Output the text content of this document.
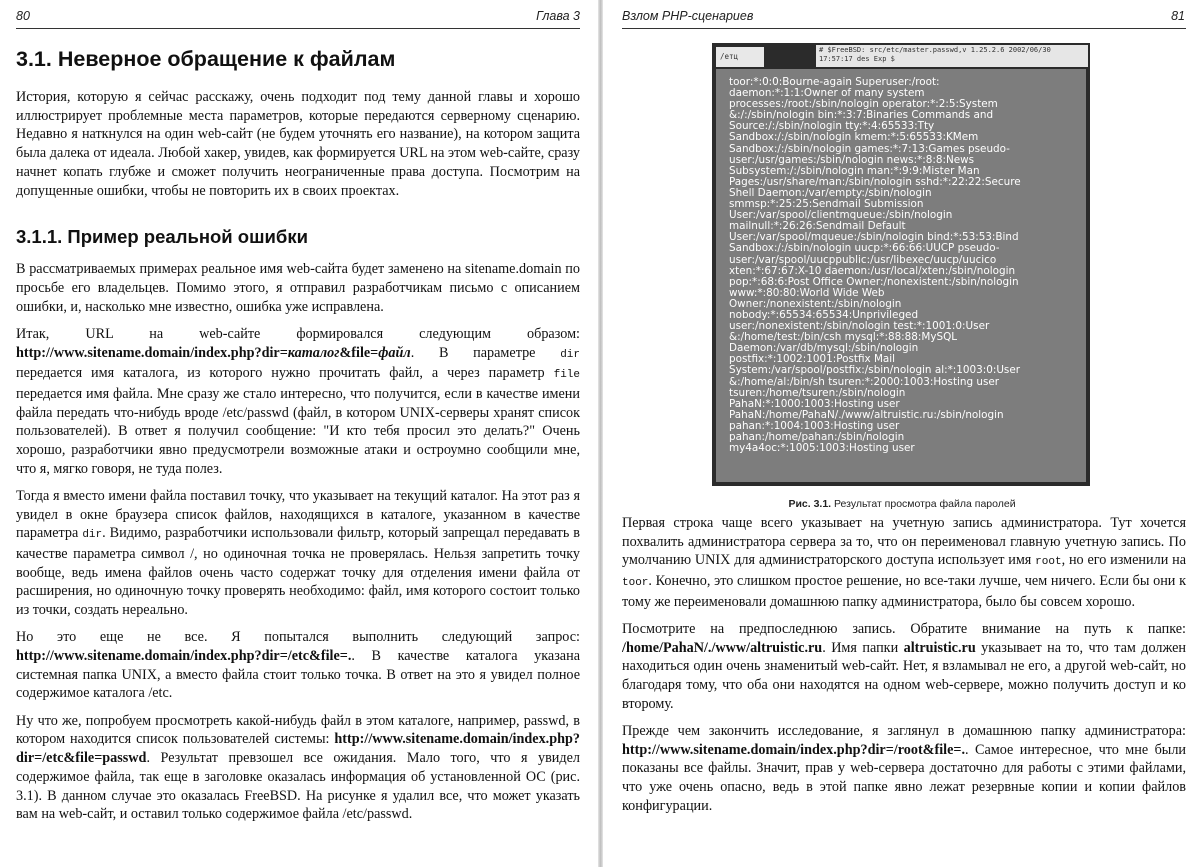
80	Глава 3
3.1. Неверное обращение к файлам

История, которую я сейчас расскажу, очень подходит под тему данной главы и хорошо иллюстрирует проблемные места параметров, которые передаются серверному сценарию. Недавно я наткнулся на один web-сайт (не будем уточнять его название), на котором защита была далека от идеала. Любой хакер, увидев, как формируется URL на этом web-сайте, сразу начнет копать глубже и сможет получить неограниченные права доступа. Посмотрим на допущенные ошибки, чтобы не повторить их в своих проектах.

3.1.1. Пример реальной ошибки

В рассматриваемых примерах реальное имя web-сайта будет заменено на sitename.domain по просьбе его владельцев. Помимо этого, я отправил разработчикам письмо с описанием ошибки, и, насколько мне известно, ошибка уже исправлена.

Итак, URL на web-сайте формировался следующим образом: http://www.sitename.domain/index.php?dir=каталог&file=файл. В параметре dir передается имя каталога, из которого нужно прочитать файл, а через параметр file передается имя файла. Мне сразу же стало интересно, что получится, если в качестве имени файла передать что-нибудь вроде /etc/passwd (файл, в котором UNIX-серверы хранят список пользователей). В ответ я получил сообщение: "И кто тебя просил это делать?" Очень хорошо, разработчики явно предусмотрели возможные атаки и остроумно сообщили мне, что я, мягко говоря, не туда полез.

Тогда я вместо имени файла поставил точку, что указывает на текущий каталог. На этот раз я увидел в окне браузера список файлов, находящихся в каталоге, указанном в качестве параметра dir. Видимо, разработчики использовали фильтр, который запрещал передавать в качестве параметра символ /, но одиночная точка не проверялась. Нельзя запретить точку вообще, ведь имена файлов очень часто содержат точку для отделения имени файла от расширения, но одиночную точку проверять необходимо: файл, имя которого состоит только из точки, создать нереально.

Но это еще не все. Я попытался выполнить следующий запрос: http://www.sitename.domain/index.php?dir=/etc&file=.. В качестве каталога указана системная папка UNIX, а вместо файла стоит только точка. В ответ на это я увидел полное содержимое каталога /etc.

Ну что же, попробуем просмотреть какой-нибудь файл в этом каталоге, например, passwd, в котором находится список пользователей системы: http://www.sitename.domain/index.php?dir=/etc&file=passwd. Результат превзошел все ожидания. Мало того, что я увидел содержимое файла, так еще в заголовке оказалась информация об установленной ОС (рис. 3.1). В данном случае это оказалась FreeBSD. На рисунке я удалил все, что может указать вам на web-сайт, и оставил только содержимое файла /etc/passwd.

Взлом PHP-сценариев	81
/етц
# $FreeBSD: src/etc/master.passwd,v 1.25.2.6 2002/06/30
17:57:17 des Exp $
toor:*:0:0:Bourne-again Superuser:/root:
daemon:*:1:1:Owner of many system
processes:/root:/sbin/nologin operator:*:2:5:System
&:/:/sbin/nologin bin:*:3:7:Binaries Commands and
Source:/:/sbin/nologin tty:*:4:65533:Tty
Sandbox:/:/sbin/nologin kmem:*:5:65533:KMem
Sandbox:/:/sbin/nologin games:*:7:13:Games pseudo-
user:/usr/games:/sbin/nologin news:*:8:8:News
Subsystem:/:/sbin/nologin man:*:9:9:Mister Man
Pages:/usr/share/man:/sbin/nologin sshd:*:22:22:Secure
Shell Daemon:/var/empty:/sbin/nologin
smmsp:*:25:25:Sendmail Submission
User:/var/spool/clientmqueue:/sbin/nologin
mailnull:*:26:26:Sendmail Default
User:/var/spool/mqueue:/sbin/nologin bind:*:53:53:Bind
Sandbox:/:/sbin/nologin uucp:*:66:66:UUCP pseudo-
user:/var/spool/uucppublic:/usr/libexec/uucp/uucico
xten:*:67:67:X-10 daemon:/usr/local/xten:/sbin/nologin
pop:*:68:6:Post Office Owner:/nonexistent:/sbin/nologin
www:*:80:80:World Wide Web
Owner:/nonexistent:/sbin/nologin
nobody:*:65534:65534:Unprivileged
user:/nonexistent:/sbin/nologin test:*:1001:0:User
&:/home/test:/bin/csh mysql:*:88:88:MySQL
Daemon:/var/db/mysql:/sbin/nologin
postfix:*:1002:1001:Postfix Mail
System:/var/spool/postfix:/sbin/nologin al:*:1003:0:User
&:/home/al:/bin/sh tsuren:*:2000:1003:Hosting user
tsuren:/home/tsuren:/sbin/nologin
PahaN:*:1000:1003:Hosting user
PahaN:/home/PahaN/./www/altruistic.ru:/sbin/nologin
pahan:*:1004:1003:Hosting user
pahan:/home/pahan:/sbin/nologin
my4a4oc:*:1005:1003:Hosting user

Рис. 3.1. Результат просмотра файла паролей

Первая строка чаще всего указывает на учетную запись администратора. Тут хочется похвалить администратора сервера за то, что он переименовал главную учетную запись. По умолчанию UNIX для администраторского доступа использует имя root, но его изменили на toor. Конечно, это слишком простое решение, но все-таки лучше, чем ничего. Если бы они к тому же переименовали домашнюю папку администратора, было бы совсем хорошо.

Посмотрите на предпоследнюю запись. Обратите внимание на путь к папке: /home/PahaN/./www/altruistic.ru. Имя папки altruistic.ru указывает на то, что там должен находиться один очень знаменитый web-сайт. Нет, я взламывал не его, а другой web-сайт, но благодаря тому, что оба они находятся на одном web-сервере, можно получить доступ и ко второму.

Прежде чем закончить исследование, я заглянул в домашнюю папку администратора: http://www.sitename.domain/index.php?dir=/root&file=.. Самое интересное, что мне были показаны все файлы. Значит, прав у web-сервера достаточно для работы с этими файлами, что уже очень опасно, ведь в этой папке явно лежат резервные копии и копии файлов конфигурации.
